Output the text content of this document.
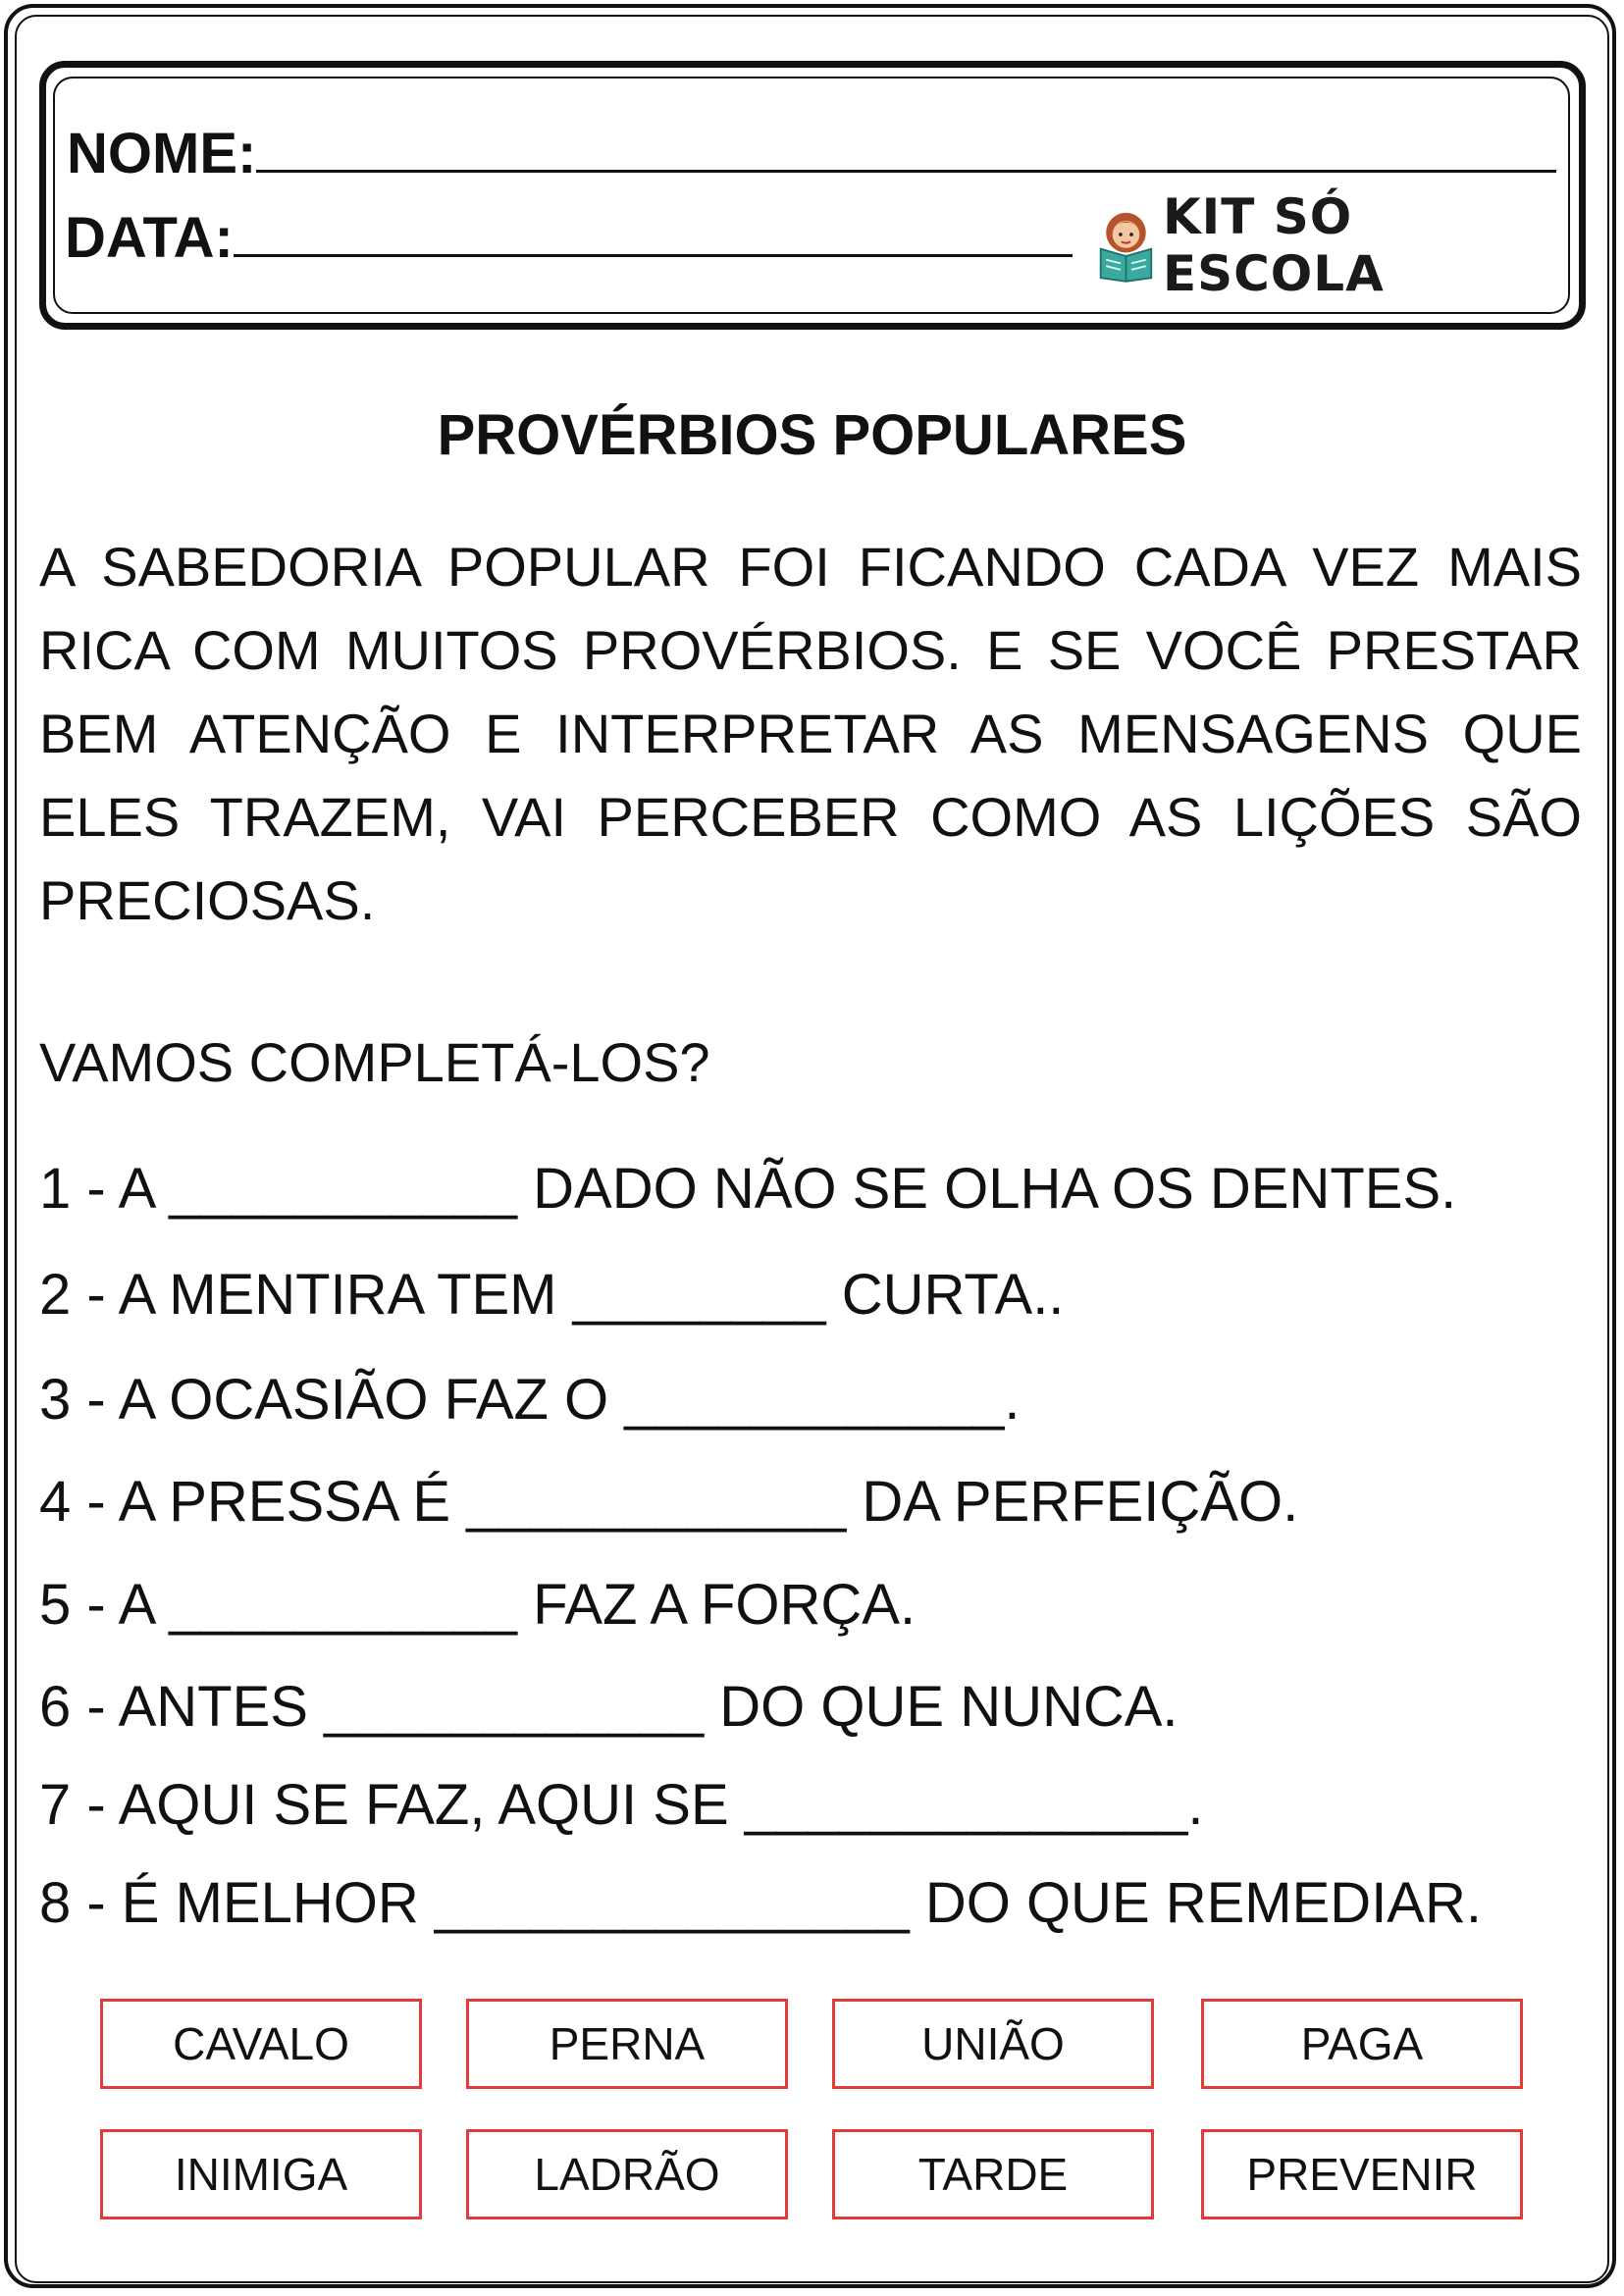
NOME:
DATA:	KIT SÓ ESCOLA
PROVÉRBIOS POPULARES
A SABEDORIA POPULAR FOI FICANDO CADA VEZ MAIS RICA COM MUITOS PROVÉRBIOS. E SE VOCÊ PRESTAR BEM ATENÇÃO E INTERPRETAR AS MENSAGENS QUE ELES TRAZEM, VAI PERCEBER COMO AS LIÇÕES SÃO PRECIOSAS.
VAMOS COMPLETÁ-LOS?
1 - A ___________ DADO NÃO SE OLHA OS DENTES.
2 - A MENTIRA TEM ________ CURTA..
3 - A OCASIÃO FAZ O ____________.
4 - A PRESSA É ____________ DA PERFEIÇÃO.
5 - A ___________ FAZ A FORÇA.
6 - ANTES ____________ DO QUE NUNCA.
7 - AQUI SE FAZ, AQUI SE ______________.
8 - É MELHOR _______________ DO QUE REMEDIAR.
CAVALO	PERNA	UNIÃO	PAGA
INIMIGA	LADRÃO	TARDE	PREVENIR
